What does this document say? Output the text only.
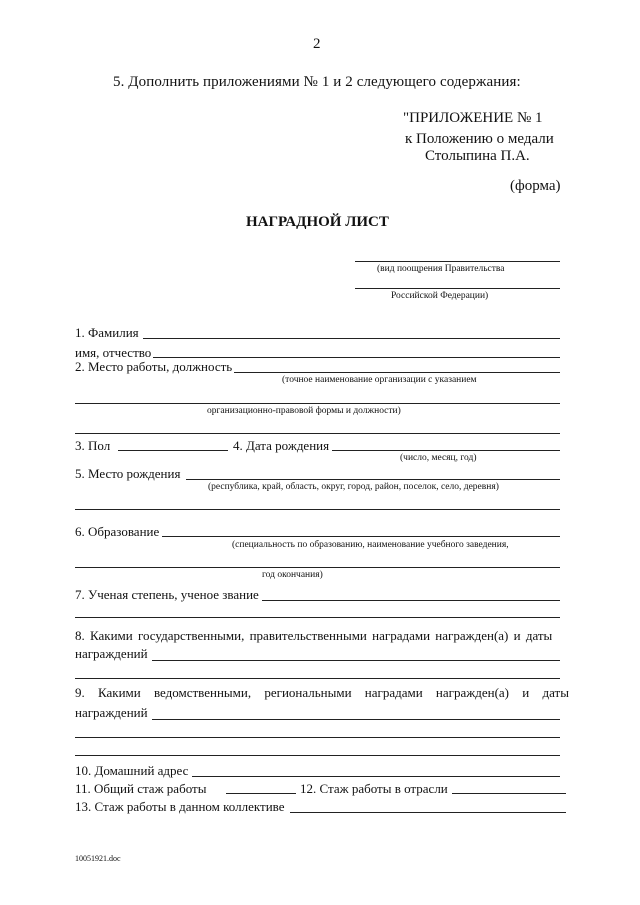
2
5. Дополнить приложениями № 1 и 2 следующего содержания:
"ПРИЛОЖЕНИЕ № 1
к Положению о медали
Столыпина П.А.
(форма)
НАГРАДНОЙ ЛИСТ
(вид поощрения Правительства
Российской Федерации)
1. Фамилия
имя, отчество
2. Место работы, должность
(точное наименование организации с указанием
организационно-правовой формы и должности)
3. Пол	4. Дата рождения
(число, месяц, год)
5. Место рождения
(республика, край, область, округ, город, район, поселок, село, деревня)
6. Образование
(специальность по образованию, наименование учебного заведения,
год окончания)
7. Ученая степень, ученое звание
8. Какими государственными, правительственными наградами награжден(а) и даты
награждений
9. Какими ведомственными, региональными наградами награжден(а) и даты
награждений
10. Домашний адрес
11. Общий стаж работы	12. Стаж работы в отрасли
13. Стаж работы в данном коллективе
10051921.doc
